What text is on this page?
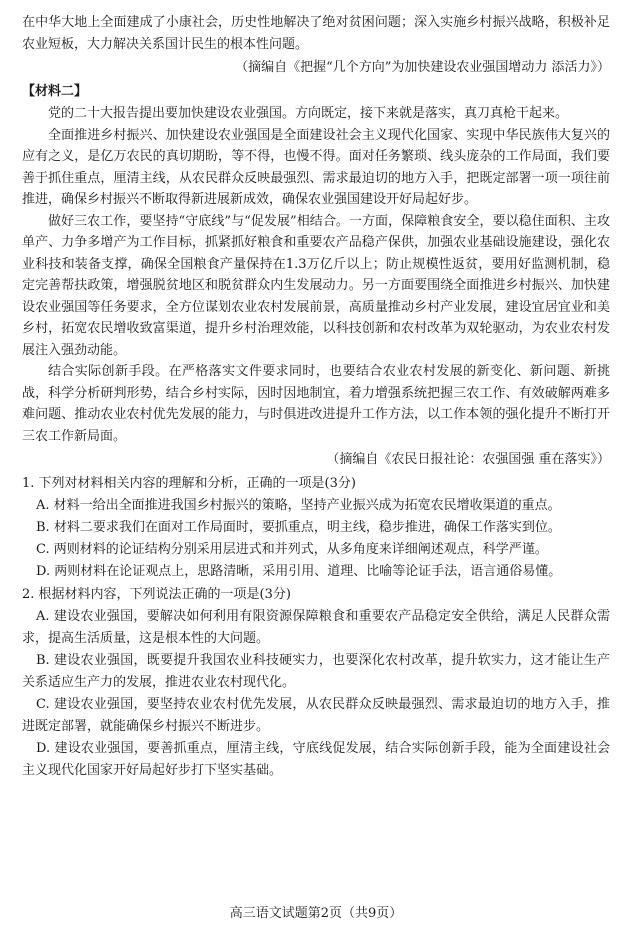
在中华大地上全面建成了小康社会，历史性地解决了绝对贫困问题；深入实施乡村振兴战略，积极补足农业短板，大力解决关系国计民生的根本性问题。

（摘编自《把握“几个方向”为加快建设农业强国增动力 添活力》）

【材料二】

党的二十大报告提出要加快建设农业强国。方向既定，接下来就是落实，真刀真枪干起来。

全面推进乡村振兴、加快建设农业强国是全面建设社会主义现代化国家、实现中华民族伟大复兴的应有之义，是亿万农民的真切期盼，等不得，也慢不得。面对任务繁琐、线头庞杂的工作局面，我们要善于抓住重点，厘清主线，从农民群众反映最强烈、需求最迫切的地方入手，把既定部署一项一项往前推进，确保乡村振兴不断取得新进展新成效，确保农业强国建设开好局起好步。

做好三农工作，要坚持“守底线”与“促发展”相结合。一方面，保障粮食安全，要以稳住面积、主攻单产、力争多增产为工作目标，抓紧抓好粮食和重要农产品稳产保供，加强农业基础设施建设，强化农业科技和装备支撑，确保全国粮食产量保持在1.3万亿斤以上；防止规模性返贫，要用好监测机制，稳定完善帮扶政策，增强脱贫地区和脱贫群众内生发展动力。另一方面要围绕全面推进乡村振兴、加快建设农业强国等任务要求，全方位谋划农业农村发展前景，高质量推动乡村产业发展，建设宜居宜业和美乡村，拓宽农民增收致富渠道，提升乡村治理效能，以科技创新和农村改革为双轮驱动，为农业农村发展注入强劲动能。

结合实际创新手段。在严格落实文件要求同时，也要结合农业农村发展的新变化、新问题、新挑战，科学分析研判形势，结合乡村实际，因时因地制宜，着力增强系统把握三农工作、有效破解两难多难问题、推动农业农村优先发展的能力，与时俱进改进提升工作方法，以工作本领的强化提升不断打开三农工作新局面。

（摘编自《农民日报社论：农强国强 重在落实》）

1. 下列对材料相关内容的理解和分析，正确的一项是(3分)

A. 材料一给出全面推进我国乡村振兴的策略，坚持产业振兴成为拓宽农民增收渠道的重点。

B. 材料二要求我们在面对工作局面时，要抓重点，明主线，稳步推进，确保工作落实到位。

C. 两则材料的论证结构分别采用层进式和并列式，从多角度来详细阐述观点，科学严谨。

D. 两则材料在论证观点上，思路清晰，采用引用、道理、比喻等论证手法，语言通俗易懂。

2. 根据材料内容，下列说法正确的一项是(3分)

A. 建设农业强国，要解决如何利用有限资源保障粮食和重要农产品稳定安全供给，满足人民群众需求，提高生活质量，这是根本性的大问题。

B. 建设农业强国，既要提升我国农业科技硬实力，也要深化农村改革，提升软实力，这才能让生产关系适应生产力的发展，推进农业农村现代化。

C. 建设农业强国，要坚持农业农村优先发展，从农民群众反映最强烈、需求最迫切的地方入手，推进既定部署，就能确保乡村振兴不断进步。

D. 建设农业强国，要善抓重点，厘清主线，守底线促发展，结合实际创新手段，能为全面建设社会主义现代化国家开好局起好步打下坚实基础。

高三语文试题第2页（共9页）
